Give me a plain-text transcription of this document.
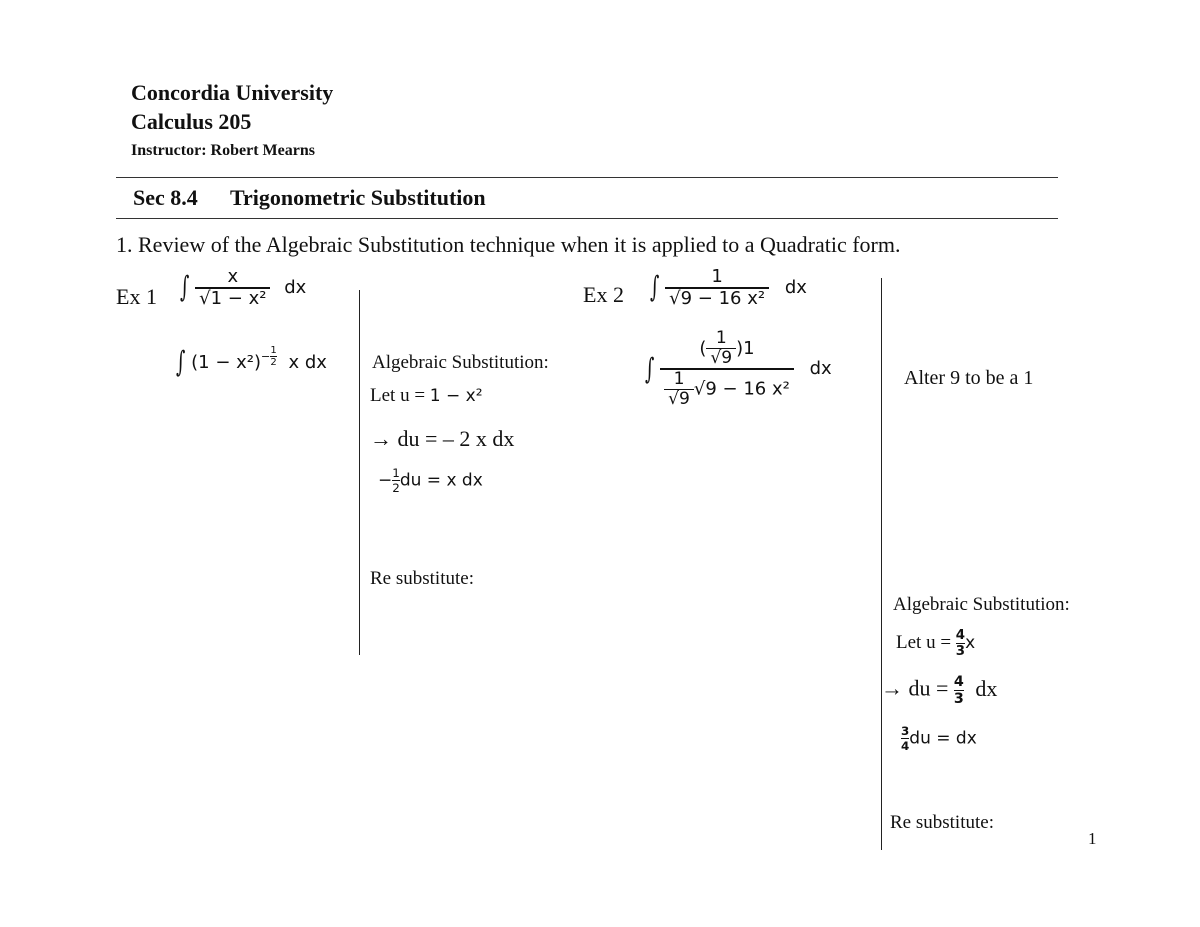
Concordia University
Calculus 205
Instructor: Robert Mearns
Sec 8.4 Trigonometric Substitution
1. Review of the Algebraic Substitution technique when it is applied to a Quadratic form.
Ex 1 ∫ $\frac{x}{\text{√1 − x²}}$ dx
∫ $(1 - x^2)^{- \frac{1}{2}}$ x dx Algebraic Substitution:
Let u = 1 − x²
→ du = – 2 x dx
− $\frac{1}{2}$ du = x dx
Re substitute:
Ex 2 ∫ $\frac{1}{\text{√9 − 16 x²}}$ dx
∫ $\frac{( \frac{1}{√9} )1}{\frac{1}{√9} √9 - 16 x^2}$ dx	Alter 9 to be a 1
Algebraic Substitution:
Let $u = \frac{4}{3}$ x
→ du = $\frac{4}{3}$ dx
$\frac{3}{4}$ du = dx
Re substitute:
1
